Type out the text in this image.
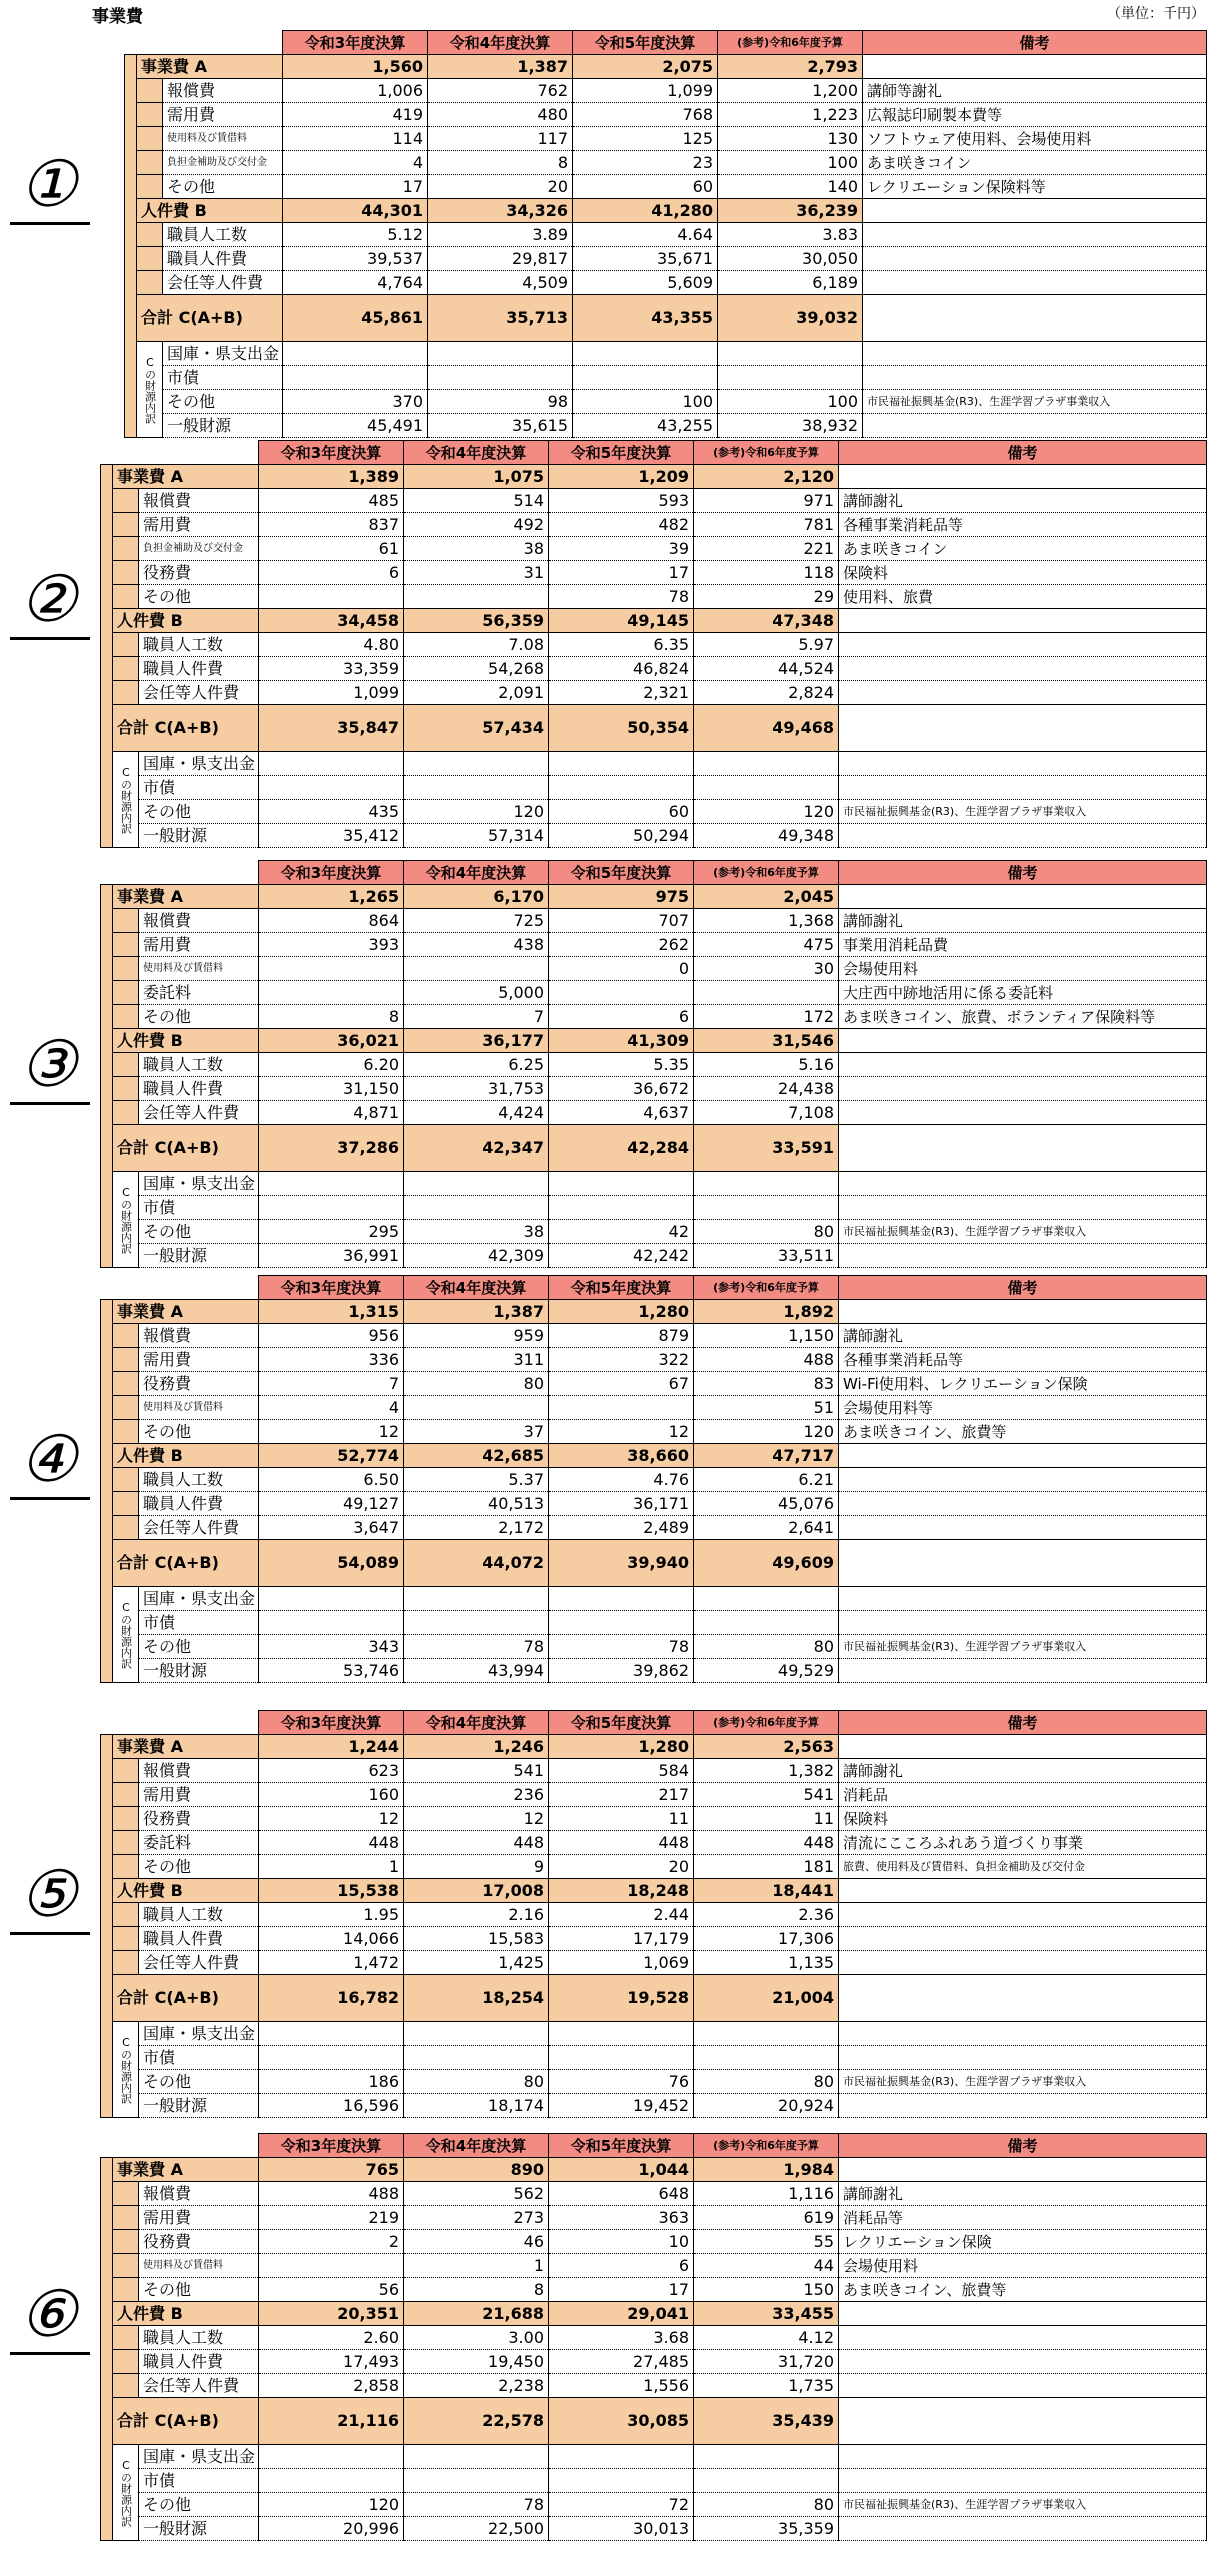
事業費	（単位：千円）
①
			令和3年度決算	令和4年度決算	令和5年度決算	(参考)令和6年度予算	備考
	事業費 A		1,560	1,387	2,075	2,793	
		報償費	1,006	762	1,099	1,200	講師等謝礼
		需用費	419	480	768	1,223	広報誌印刷製本費等
		使用料及び賃借料	114	117	125	130	ソフトウェア使用料、会場使用料
		負担金補助及び交付金	4	8	23	100	あま咲きコイン
		その他	17	20	60	140	レクリエーション保険料等
	人件費 B		44,301	34,326	41,280	36,239	
		職員人工数	5.12	3.89	4.64	3.83	
		職員人件費	39,537	29,817	35,671	30,050	
		会任等人件費	4,764	4,509	5,609	6,189	
	合計 C(A+B)		45,861	35,713	43,355	39,032	
	Cの財源内訳	国庫・県支出金					
		市債					
		その他	370	98	100	100	市民福祉振興基金(R3)、生涯学習プラザ事業収入
		一般財源	45,491	35,615	43,255	38,932	
②
			令和3年度決算	令和4年度決算	令和5年度決算	(参考)令和6年度予算	備考
	事業費 A		1,389	1,075	1,209	2,120	
		報償費	485	514	593	971	講師謝礼
		需用費	837	492	482	781	各種事業消耗品等
		負担金補助及び交付金	61	38	39	221	あま咲きコイン
		役務費	6	31	17	118	保険料
		その他			78	29	使用料、旅費
	人件費 B		34,458	56,359	49,145	47,348	
		職員人工数	4.80	7.08	6.35	5.97	
		職員人件費	33,359	54,268	46,824	44,524	
		会任等人件費	1,099	2,091	2,321	2,824	
	合計 C(A+B)		35,847	57,434	50,354	49,468	
	Cの財源内訳	国庫・県支出金					
		市債					
		その他	435	120	60	120	市民福祉振興基金(R3)、生涯学習プラザ事業収入
		一般財源	35,412	57,314	50,294	49,348	
③
			令和3年度決算	令和4年度決算	令和5年度決算	(参考)令和6年度予算	備考
	事業費 A		1,265	6,170	975	2,045	
		報償費	864	725	707	1,368	講師謝礼
		需用費	393	438	262	475	事業用消耗品費
		使用料及び賃借料			0	30	会場使用料
		委託料		5,000			大庄西中跡地活用に係る委託料
		その他	8	7	6	172	あま咲きコイン、旅費、ボランティア保険料等
	人件費 B		36,021	36,177	41,309	31,546	
		職員人工数	6.20	6.25	5.35	5.16	
		職員人件費	31,150	31,753	36,672	24,438	
		会任等人件費	4,871	4,424	4,637	7,108	
	合計 C(A+B)		37,286	42,347	42,284	33,591	
	Cの財源内訳	国庫・県支出金					
		市債					
		その他	295	38	42	80	市民福祉振興基金(R3)、生涯学習プラザ事業収入
		一般財源	36,991	42,309	42,242	33,511	
④
			令和3年度決算	令和4年度決算	令和5年度決算	(参考)令和6年度予算	備考
	事業費 A		1,315	1,387	1,280	1,892	
		報償費	956	959	879	1,150	講師謝礼
		需用費	336	311	322	488	各種事業消耗品等
		役務費	7	80	67	83	Wi-Fi使用料、レクリエーション保険
		使用料及び賃借料	4			51	会場使用料等
		その他	12	37	12	120	あま咲きコイン、旅費等
	人件費 B		52,774	42,685	38,660	47,717	
		職員人工数	6.50	5.37	4.76	6.21	
		職員人件費	49,127	40,513	36,171	45,076	
		会任等人件費	3,647	2,172	2,489	2,641	
	合計 C(A+B)		54,089	44,072	39,940	49,609	
	Cの財源内訳	国庫・県支出金					
		市債					
		その他	343	78	78	80	市民福祉振興基金(R3)、生涯学習プラザ事業収入
		一般財源	53,746	43,994	39,862	49,529	
⑤
			令和3年度決算	令和4年度決算	令和5年度決算	(参考)令和6年度予算	備考
	事業費 A		1,244	1,246	1,280	2,563	
		報償費	623	541	584	1,382	講師謝礼
		需用費	160	236	217	541	消耗品
		役務費	12	12	11	11	保険料
		委託料	448	448	448	448	清流にこころふれあう道づくり事業
		その他	1	9	20	181	旅費、使用料及び賃借料、負担金補助及び交付金
	人件費 B		15,538	17,008	18,248	18,441	
		職員人工数	1.95	2.16	2.44	2.36	
		職員人件費	14,066	15,583	17,179	17,306	
		会任等人件費	1,472	1,425	1,069	1,135	
	合計 C(A+B)		16,782	18,254	19,528	21,004	
	Cの財源内訳	国庫・県支出金					
		市債					
		その他	186	80	76	80	市民福祉振興基金(R3)、生涯学習プラザ事業収入
		一般財源	16,596	18,174	19,452	20,924	
⑥
			令和3年度決算	令和4年度決算	令和5年度決算	(参考)令和6年度予算	備考
	事業費 A		765	890	1,044	1,984	
		報償費	488	562	648	1,116	講師謝礼
		需用費	219	273	363	619	消耗品等
		役務費	2	46	10	55	レクリエーション保険
		使用料及び賃借料		1	6	44	会場使用料
		その他	56	8	17	150	あま咲きコイン、旅費等
	人件費 B		20,351	21,688	29,041	33,455	
		職員人工数	2.60	3.00	3.68	4.12	
		職員人件費	17,493	19,450	27,485	31,720	
		会任等人件費	2,858	2,238	1,556	1,735	
	合計 C(A+B)		21,116	22,578	30,085	35,439	
	Cの財源内訳	国庫・県支出金					
		市債					
		その他	120	78	72	80	市民福祉振興基金(R3)、生涯学習プラザ事業収入
		一般財源	20,996	22,500	30,013	35,359	
